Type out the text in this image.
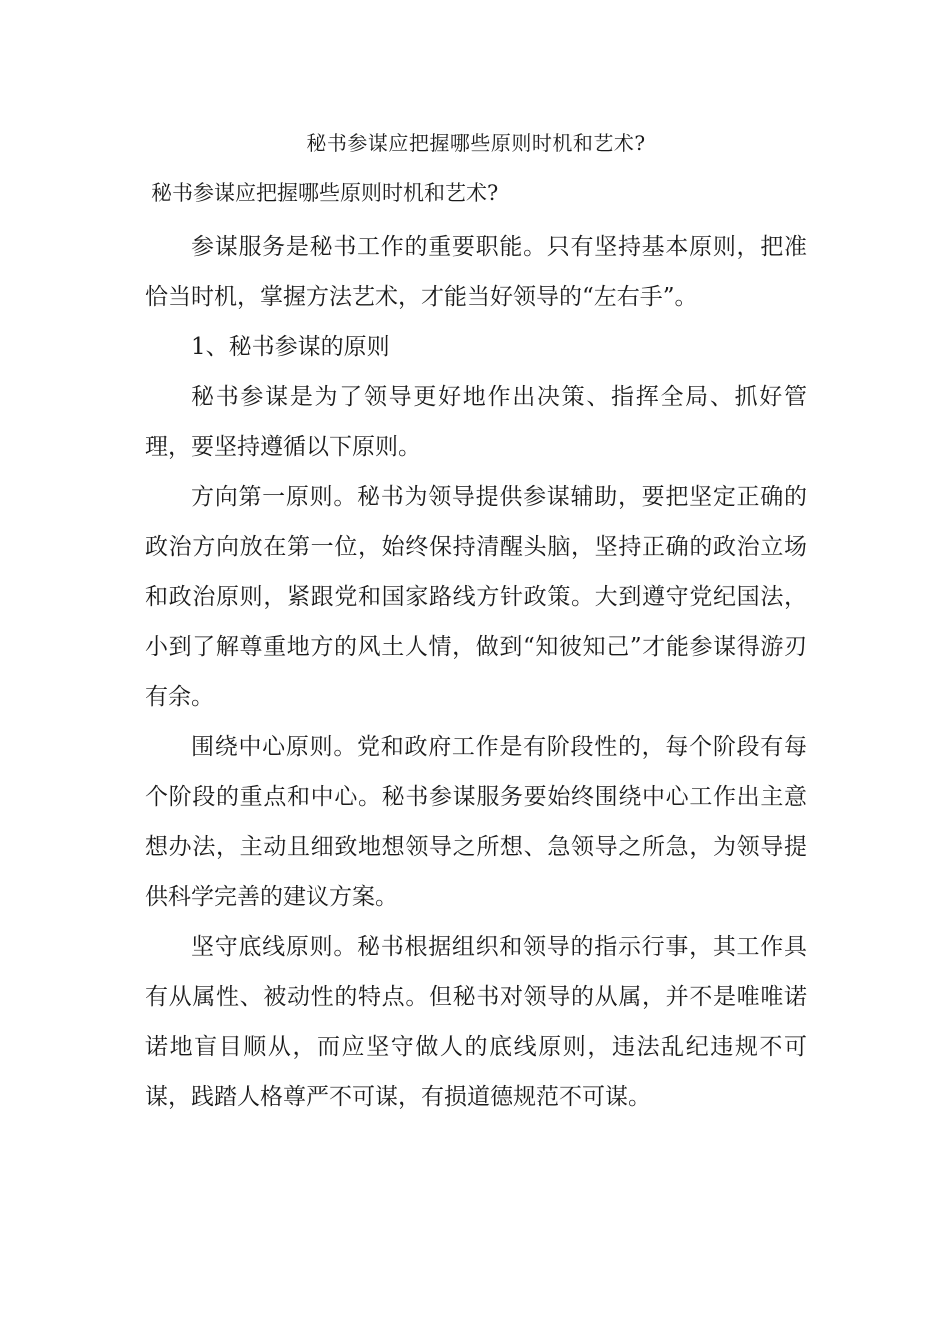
秘书参谋应把握哪些原则时机和艺术?
秘书参谋应把握哪些原则时机和艺术?

参谋服务是秘书工作的重要职能。只有坚持基本原则，把准恰当时机，掌握方法艺术，才能当好领导的“左右手”。

1、秘书参谋的原则

秘书参谋是为了领导更好地作出决策、指挥全局、抓好管理，要坚持遵循以下原则。

方向第一原则。秘书为领导提供参谋辅助，要把坚定正确的政治方向放在第一位，始终保持清醒头脑，坚持正确的政治立场和政治原则，紧跟党和国家路线方针政策。大到遵守党纪国法，小到了解尊重地方的风土人情，做到“知彼知己”才能参谋得游刃有余。

围绕中心原则。党和政府工作是有阶段性的，每个阶段有每个阶段的重点和中心。秘书参谋服务要始终围绕中心工作出主意想办法，主动且细致地想领导之所想、急领导之所急，为领导提供科学完善的建议方案。

坚守底线原则。秘书根据组织和领导的指示行事，其工作具有从属性、被动性的特点。但秘书对领导的从属，并不是唯唯诺诺地盲目顺从，而应坚守做人的底线原则，违法乱纪违规不可谋，践踏人格尊严不可谋，有损道德规范不可谋。
